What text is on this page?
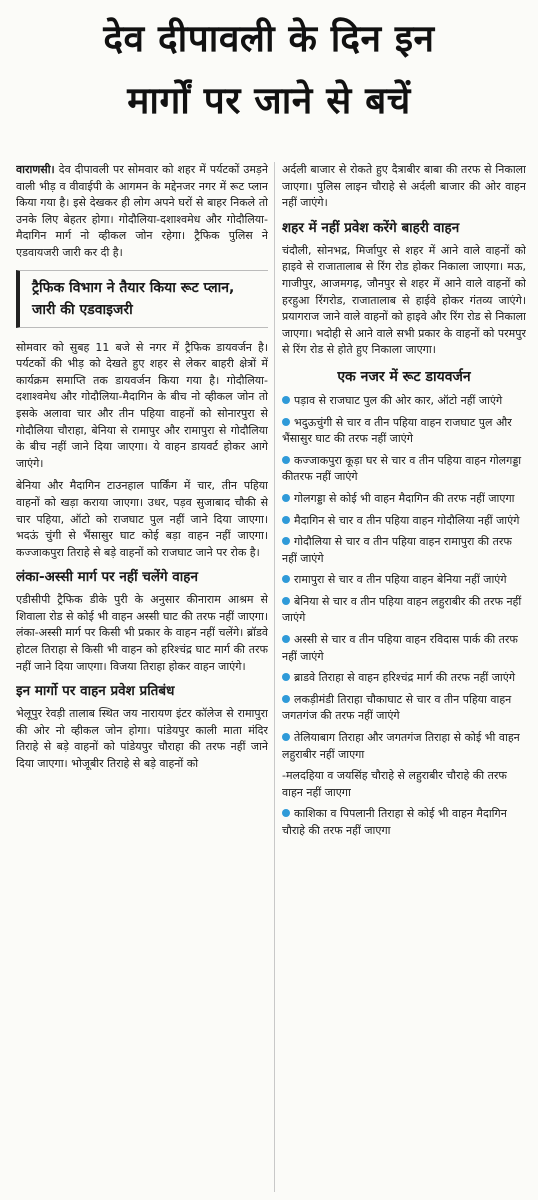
देव दीपावली के दिन इन
मार्गों पर जाने से बचें

वाराणसी। देव दीपावली पर सोमवार को शहर में पर्यटकों उमड़ने वाली भीड़ व वीवाईपी के आगमन के मद्देनजर नगर में रूट प्लान किया गया है। इसे देखकर ही लोग अपने घरों से बाहर निकले तो उनके लिए बेहतर होगा। गोदौलिया-दशाश्वमेध और गोदौलिया-मैदागिन मार्ग नो व्हीकल जोन रहेगा। ट्रैफिक पुलिस ने एडवायजरी जारी कर दी है।

ट्रैफिक विभाग ने तैयार किया रूट प्लान, जारी की एडवाइजरी

सोमवार को सुबह 11 बजे से नगर में ट्रैफिक डायवर्जन है। पर्यटकों की भीड़ को देखते हुए शहर से लेकर बाहरी क्षेत्रों में कार्यक्रम समाप्ति तक डायवर्जन किया गया है। गोदौलिया-दशाश्वमेध और गोदौलिया-मैदागिन के बीच नो व्हीकल जोन तो इसके अलावा चार और तीन पहिया वाहनों को सोनारपुरा से गोदौलिया चौराहा, बेनिया से रामापुर और रामापुरा से गोदौलिया के बीच नहीं जाने दिया जाएगा। ये वाहन डायवर्ट होकर आगे जाएंगे।

बेनिया और मैदागिन टाउनहाल पार्किंग में चार, तीन पहिया वाहनों को खड़ा कराया जाएगा। उधर, पड़व सुजाबाद चौकी से चार पहिया, ऑटो को राजघाट पुल नहीं जाने दिया जाएगा। भदऊं चुंगी से भैंसासुर घाट कोई बड़ा वाहन नहीं जाएगा। कज्जाकपुरा तिराहे से बड़े वाहनों को राजघाट जाने पर रोक है।

लंका-अस्सी मार्ग पर नहीं चलेंगे वाहन

एडीसीपी ट्रैफिक डीके पुरी के अनुसार कीनाराम आश्रम से शिवाला रोड से कोई भी वाहन अस्सी घाट की तरफ नहीं जाएगा। लंका-अस्सी मार्ग पर किसी भी प्रकार के वाहन नहीं चलेंगे। ब्रॉडवे होटल तिराहा से किसी भी वाहन को हरिश्चंद्र घाट मार्ग की तरफ नहीं जाने दिया जाएगा। विजया तिराहा होकर वाहन जाएंगे।

इन मार्गो पर वाहन प्रवेश प्रतिबंध

भेलूपुर रेवड़ी तालाब स्थित जय नारायण इंटर कॉलेज से रामापुरा की ओर नो व्हीकल जोन होगा। पांडेयपुर काली माता मंदिर तिराहे से बड़े वाहनों को पांडेयपुर चौराहा की तरफ नहीं जाने दिया जाएगा। भोजूबीर तिराहे से बड़े वाहनों को

अर्दली बाजार से रोकते हुए दैत्राबीर बाबा की तरफ से निकाला जाएगा। पुलिस लाइन चौराहे से अर्दली बाजार की ओर वाहन नहीं जाएंगे।

शहर में नहीं प्रवेश करेंगे बाहरी वाहन

चंदौली, सोनभद्र, मिर्जापुर से शहर में आने वाले वाहनों को हाइवे से राजातालाब से रिंग रोड होकर निकाला जाएगा। मऊ, गाजीपुर, आजमगढ़, जौनपुर से शहर में आने वाले वाहनों को हरहुआ रिंगरोड, राजातालाब से हाईवे होकर गंतव्य जाएंगे। प्रयागराज जाने वाले वाहनों को हाइवे और रिंग रोड से निकाला जाएगा। भदोही से आने वाले सभी प्रकार के वाहनों को परमपुर से रिंग रोड से होते हुए निकाला जाएगा।

एक नजर में रूट डायवर्जन
पड़ाव से राजघाट पुल की ओर कार, ऑटो नहीं जाएंगे
भदुऊचुंगी से चार व तीन पहिया वाहन राजघाट पुल और भैंसासुर घाट की तरफ नहीं जाएंगे
कज्जाकपुरा कूड़ा घर से चार व तीन पहिया वाहन गोलगड्डा कीतरफ नहीं जाएंगे
गोलगड्डा से कोई भी वाहन मैदागिन की तरफ नहीं जाएगा
मैदागिन से चार व तीन पहिया वाहन गोदौलिया नहीं जाएंगे
गोदौलिया से चार व तीन पहिया वाहन रामापुरा की तरफ नहीं जाएंगे
रामापुरा से चार व तीन पहिया वाहन बेनिया नहीं जाएंगे
बेनिया से चार व तीन पहिया वाहन लहुराबीर की तरफ नहीं जाएंगे
अस्सी से चार व तीन पहिया वाहन रविदास पार्क की तरफ नहीं जाएंगे
ब्राडवे तिराहा से वाहन हरिश्चंद्र मार्ग की तरफ नहीं जाएंगे
लकड़ीमंडी तिराहा चौकाघाट से चार व तीन पहिया वाहन जगतगंज की तरफ नहीं जाएंगे
तेलियाबाग तिराहा और जगतगंज तिराहा से कोई भी वाहन लहुराबीर नहीं जाएगा
-मलदहिया व जयसिंह चौराहे से लहुराबीर चौराहे की तरफ वाहन नहीं जाएगा
काशिका व पिपलानी तिराहा से कोई भी वाहन मैदागिन चौराहे की तरफ नहीं जाएगा
